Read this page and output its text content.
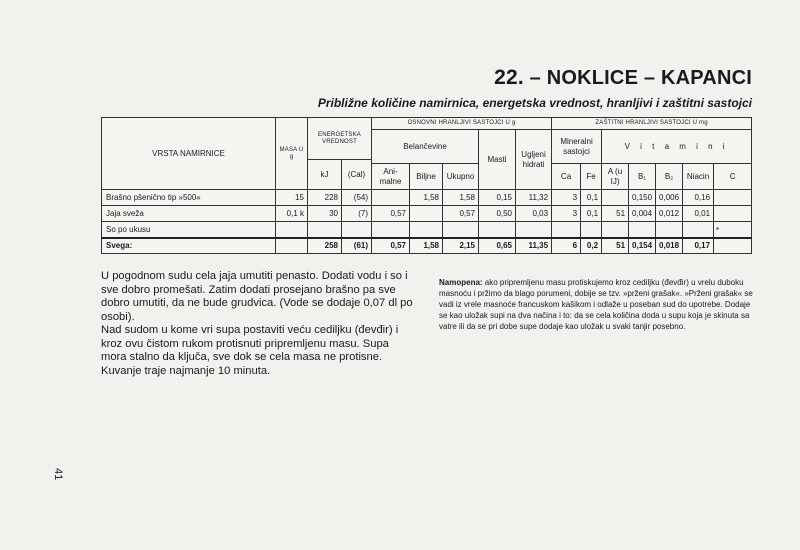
22. – NOKLICE – KAPANCI
Približne količine namirnica, energetska vrednost, hranljivi i zaštitni sastojci
VRSTA NAMIRNICE	MASA U g	ENERGETSKA VREDNOST		OSNOVNI HRANLJIVI SASTOJCI U g					ZAŠTITNI HRANLJIVI SASTOJCI U mg						
				Belančevine			Masti	Ugljeni hidrati	Mineralni sastojci		V i t a m i n i				
		kJ	(Cal)												
				Ani-malne	Biljne	Ukupno			Ca	Fe	A (u IJ)	B₁	B₂	Niacin	C
Brašno pšenično tip »500«	15	228	(54)		1,58	1,58	0,15	11,32	3	0,1		0,150	0,006	0,16	
Jaja sveža	0,1 k	30	(7)	0,57		0,57	0,50	0,03	3	0,1	51	0,004	0,012	0,01	
So po ukusu															*
Svega:		258	(61)	0,57	1,58	2,15	0,65	11,35	6	0,2	51	0,154	0,018	0,17	

U pogodnom sudu cela jaja umutiti penasto. Dodati vodu i so i sve dobro promešati. Zatim dodati prosejano brašno pa sve dobro umutiti, da ne bude grudvica. (Vode se dodaje 0,07 dl po osobi).

Nad sudom u kome vri supa postaviti veću cediljku (đevđir) i kroz ovu čistom rukom protisnuti pripremljenu masu. Supa mora stalno da ključa, sve dok se cela masa ne protisne. Kuvanje traje najmanje 10 minuta.

Namopena: ako pripremljenu masu protiskujemo kroz cediljku (đevđir) u vrelu duboku masnoću i pržimo da blago porumeni, dobije se tzv. »prženi grašak«. »Prženi grašak« se vadi iz vrele masnoće francuskom kašikom i odlaže u poseban sud do upotrebe. Dodaje se kao uložak supi na dva načina i to: da se cela količina doda u supu koja je skinuta sa vatre ili da se pri dobe supe dodaje kao uložak u svaki tanjir posebno.
41
